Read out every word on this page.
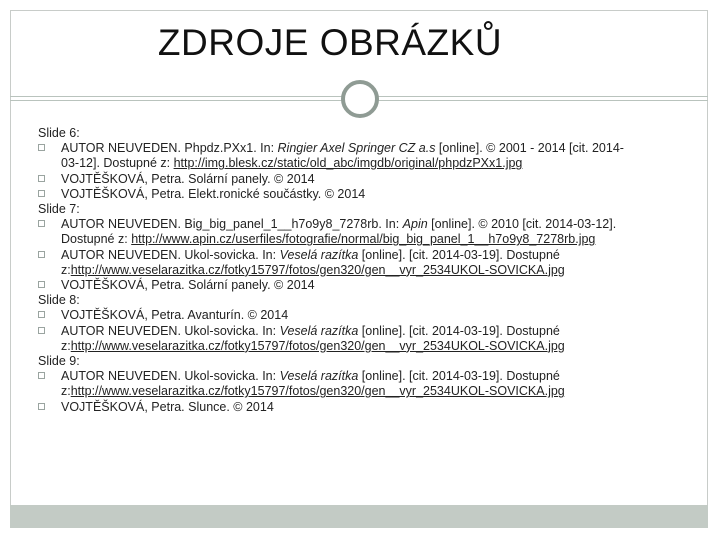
ZDROJE OBRÁZKŮ
Slide 6:
AUTOR NEUVEDEN. Phpdz.PXx1. In: Ringier Axel Springer CZ a.s [online]. © 2001 - 2014 [cit. 2014-03-12]. Dostupné z: http://img.blesk.cz/static/old_abc/imgdb/original/phpdzPXx1.jpg
VOJTĚŠKOVÁ, Petra. Solární panely. © 2014
VOJTĚŠKOVÁ, Petra. Elekt.ronické součástky. © 2014
Slide 7:
AUTOR NEUVEDEN. Big_big_panel_1__h7o9y8_7278rb. In: Apin [online]. © 2010 [cit. 2014-03-12]. Dostupné z: http://www.apin.cz/userfiles/fotografie/normal/big_big_panel_1__h7o9y8_7278rb.jpg
AUTOR NEUVEDEN. Ukol-sovicka. In: Veselá razítka [online]. [cit. 2014-03-19]. Dostupné z:http://www.veselarazitka.cz/fotky15797/fotos/gen320/gen__vyr_2534UKOL-SOVICKA.jpg
VOJTĚŠKOVÁ, Petra. Solární panely. © 2014
Slide 8:
VOJTĚŠKOVÁ, Petra. Avanturín. © 2014
AUTOR NEUVEDEN. Ukol-sovicka. In: Veselá razítka [online]. [cit. 2014-03-19]. Dostupné z:http://www.veselarazitka.cz/fotky15797/fotos/gen320/gen__vyr_2534UKOL-SOVICKA.jpg
Slide 9:
AUTOR NEUVEDEN. Ukol-sovicka. In: Veselá razítka [online]. [cit. 2014-03-19]. Dostupné z:http://www.veselarazitka.cz/fotky15797/fotos/gen320/gen__vyr_2534UKOL-SOVICKA.jpg
VOJTĚŠKOVÁ, Petra. Slunce. © 2014
